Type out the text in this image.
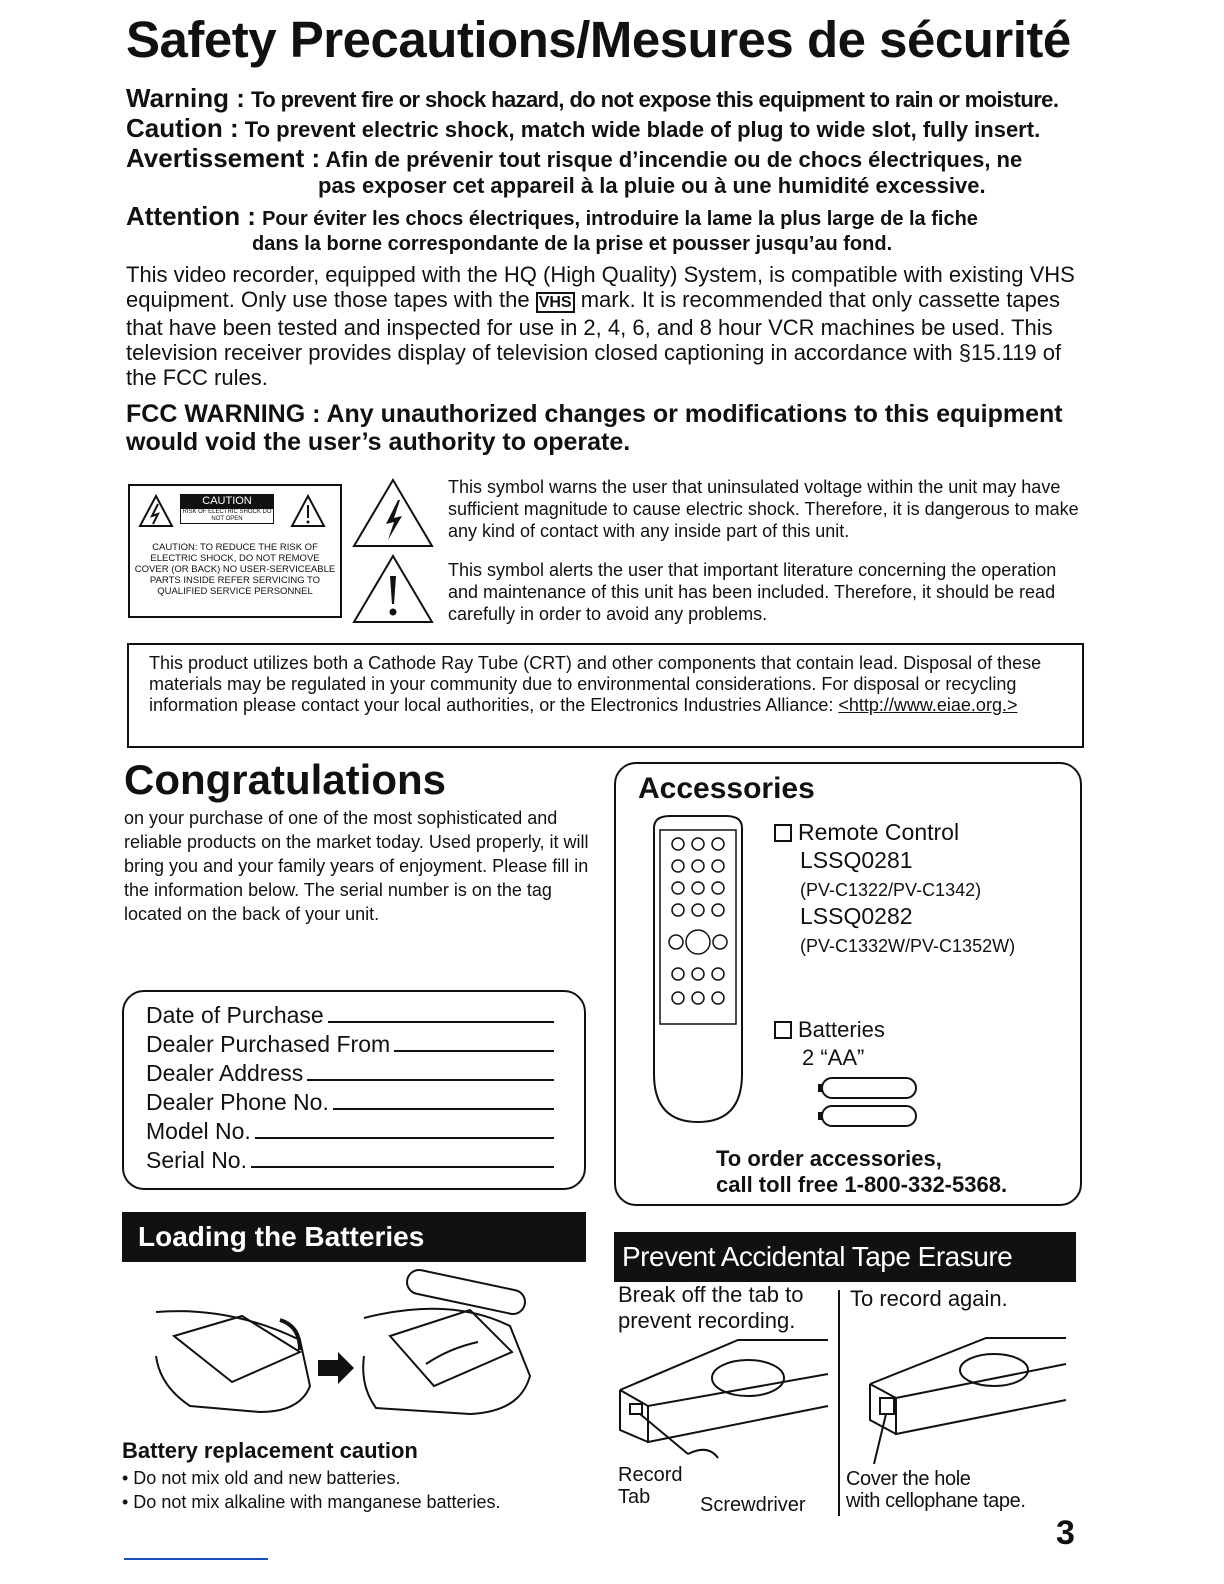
Safety Precautions/Mesures de sécurité
Warning : To prevent fire or shock hazard, do not expose this equipment to rain or moisture.
Caution : To prevent electric shock, match wide blade of plug to wide slot, fully insert.
Avertissement : Afin de prévenir tout risque d’incendie ou de chocs électriques, ne
pas exposer cet appareil à la pluie ou à une humidité excessive.
Attention : Pour éviter les chocs électriques, introduire la lame la plus large de la fiche
dans la borne correspondante de la prise et pousser jusqu’au fond.
This video recorder, equipped with the HQ (High Quality) System, is compatible with existing VHS equipment. Only use those tapes with the VHS mark. It is recommended that only cassette tapes that have been tested and inspected for use in 2, 4, 6, and 8 hour VCR machines be used. This television receiver provides display of television closed captioning in accordance with §15.119 of the FCC rules.
FCC WARNING : Any unauthorized changes or modifications to this equipment would void the user’s authority to operate.
CAUTION
RISK OF ELECTRIC SHOCK DO NOT OPEN
CAUTION: TO REDUCE THE RISK OF ELECTRIC SHOCK, DO NOT REMOVE COVER (OR BACK) NO USER-SERVICEABLE PARTS INSIDE REFER SERVICING TO QUALIFIED SERVICE PERSONNEL
This symbol warns the user that uninsulated voltage within the unit may have sufficient magnitude to cause electric shock. Therefore, it is dangerous to make any kind of contact with any inside part of this unit.
This symbol alerts the user that important literature concerning the operation and maintenance of this unit has been included. Therefore, it should be read carefully in order to avoid any problems.
This product utilizes both a Cathode Ray Tube (CRT) and other components that contain lead. Disposal of these materials may be regulated in your community due to environmental considerations. For disposal or recycling information please contact your local authorities, or the Electronics Industries Alliance: <http://www.eiae.org.>
Congratulations
on your purchase of one of the most sophisticated and reliable products on the market today. Used properly, it will bring you and your family years of enjoyment. Please fill in the information below. The serial number is on the tag located on the back of your unit.
Date of Purchase
Dealer Purchased From
Dealer Address
Dealer Phone No.
Model No.
Serial No.
Accessories
Remote Control
LSSQ0281
(PV-C1322/PV-C1342)
LSSQ0282
(PV-C1332W/PV-C1352W)
Batteries
2 “AA”
To order accessories,
call toll free 1-800-332-5368.
Loading the Batteries
Battery replacement caution
• Do not mix old and new batteries.
• Do not mix alkaline with manganese batteries.
Prevent Accidental Tape Erasure
Break off the tab to
prevent recording.
To record again.
Record
Tab	Screwdriver
Cover the hole
with cellophane tape.
3
